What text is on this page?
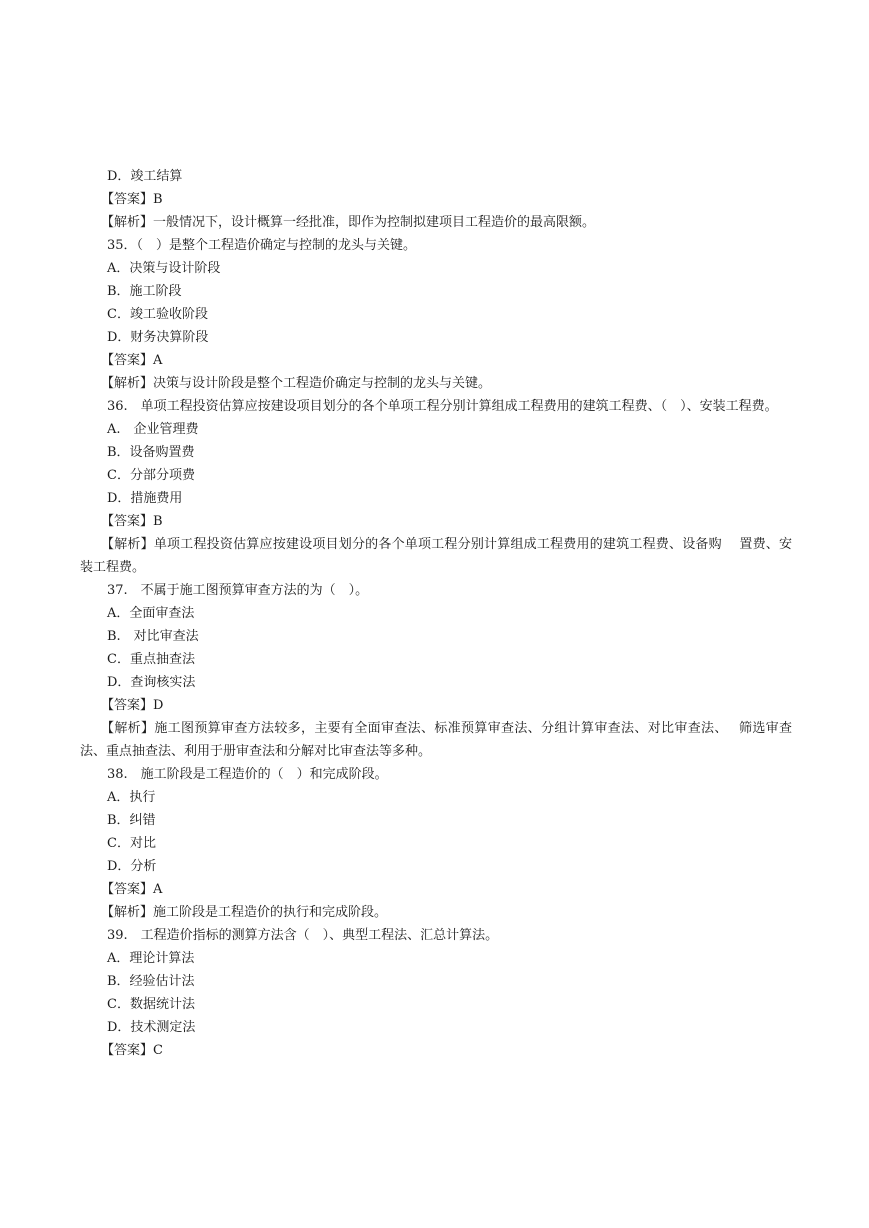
D．竣工结算
【答案】B
【解析】一般情况下，设计概算一经批准，即作为控制拟建项目工程造价的最高限额。
35．（　）是整个工程造价确定与控制的龙头与关键。
A．决策与设计阶段
B．施工阶段
C．竣工验收阶段
D．财务决算阶段
【答案】A
【解析】决策与设计阶段是整个工程造价确定与控制的龙头与关键。
36.　单项工程投资估算应按建设项目划分的各个单项工程分别计算组成工程费用的建筑工程费、（　）、安装工程费。
A.　企业管理费
B．设备购置费
C．分部分项费
D．措施费用
【答案】B
【解析】单项工程投资估算应按建设项目划分的各个单项工程分别计算组成工程费用的建筑工程费、设备购　 置费、安装工程费。
37.　不属于施工图预算审查方法的为（　）。
A．全面审查法
B.　对比审查法
C．重点抽查法
D．查询核实法
【答案】D
【解析】施工图预算审查方法较多，主要有全面审查法、标准预算审查法、分组计算审查法、对比审查法、　 筛选审查法、重点抽查法、利用于册审查法和分解对比审查法等多种。
38.　施工阶段是工程造价的（　）和完成阶段。
A．执行
B．纠错
C．对比
D．分析
【答案】A
【解析】施工阶段是工程造价的执行和完成阶段。
39.　工程造价指标的测算方法含（　）、典型工程法、汇总计算法。
A．理论计算法
B．经验估计法
C．数据统计法
D．技术测定法
【答案】C
